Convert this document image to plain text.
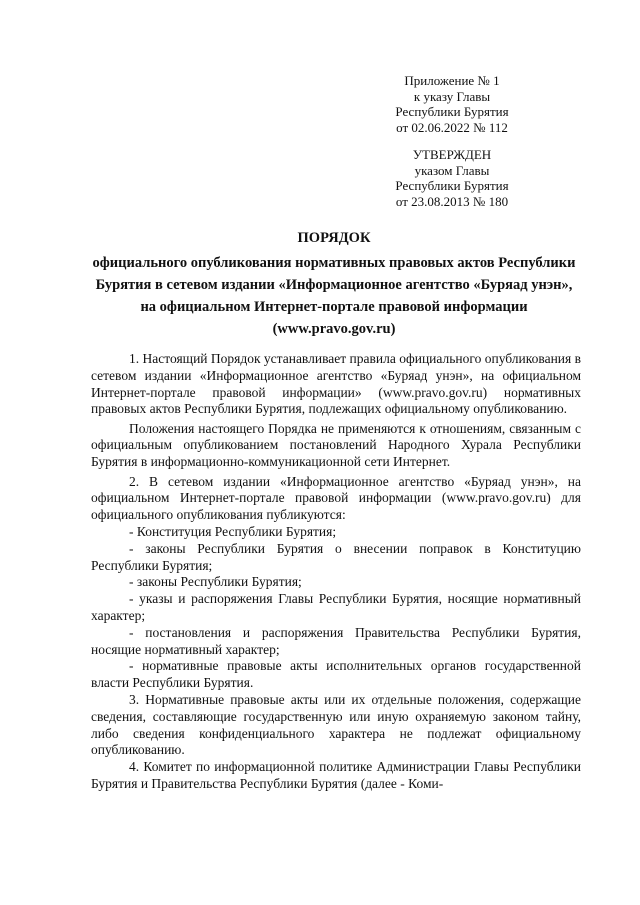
Приложение № 1
к указу Главы
Республики Бурятия
от 02.06.2022 № 112
УТВЕРЖДЕН
указом Главы
Республики Бурятия
от 23.08.2013 № 180
ПОРЯДОК
официального опубликования нормативных правовых актов Республики Бурятия в сетевом издании «Информационное агентство «Буряад унэн», на официальном Интернет-портале правовой информации (www.pravo.gov.ru)

1. Настоящий Порядок устанавливает правила официального опубликования в сетевом издании «Информационное агентство «Буряад унэн», на официальном Интернет-портале правовой информации» (www.pravo.gov.ru) нормативных правовых актов Республики Бурятия, подлежащих официальному опубликованию.

Положения настоящего Порядка не применяются к отношениям, связанным с официальным опубликованием постановлений Народного Хурала Республики Бурятия в информационно-коммуникационной сети Интернет.

2. В сетевом издании «Информационное агентство «Буряад унэн», на официальном Интернет-портале правовой информации (www.pravo.gov.ru) для официального опубликования публикуются:

- Конституция Республики Бурятия;

- законы Республики Бурятия о внесении поправок в Конституцию Республики Бурятия;

- законы Республики Бурятия;

- указы и распоряжения Главы Республики Бурятия, носящие нормативный характер;

- постановления и распоряжения Правительства Республики Бурятия, носящие нормативный характер;

- нормативные правовые акты исполнительных органов государственной власти Республики Бурятия.

3. Нормативные правовые акты или их отдельные положения, содержащие сведения, составляющие государственную или иную охраняемую законом тайну, либо сведения конфиденциального характера не подлежат официальному опубликованию.

4. Комитет по информационной политике Администрации Главы Республики Бурятия и Правительства Республики Бурятия (далее - Коми-
